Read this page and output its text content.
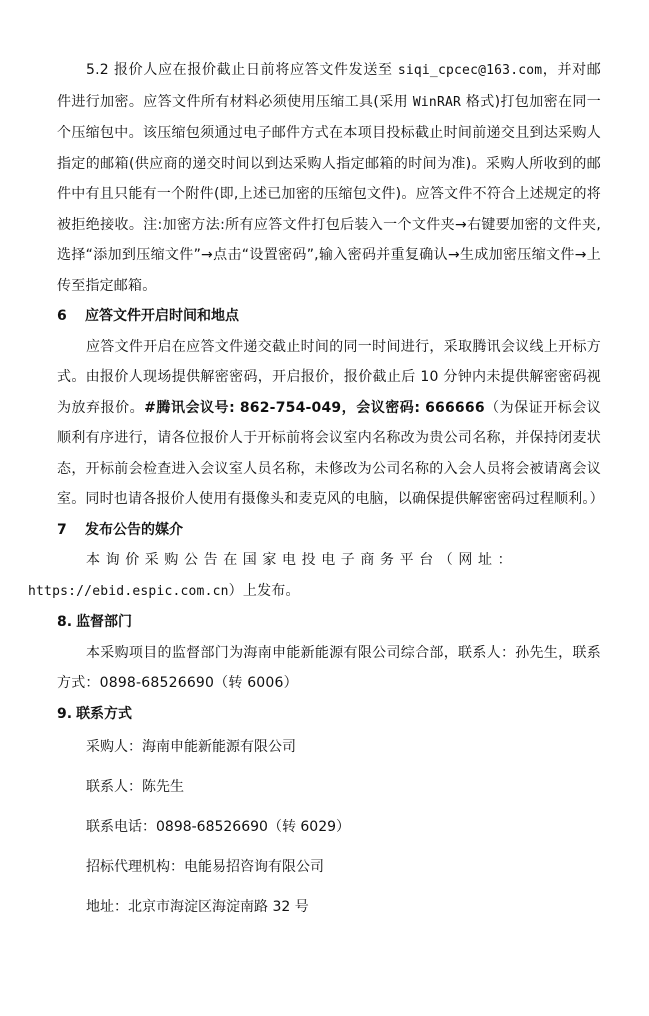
5.2 报价人应在报价截止日前将应答文件发送至 siqi_cpcec@163.com，并对邮件进行加密。应答文件所有材料必须使用压缩工具(采用 WinRAR 格式)打包加密在同一个压缩包中。该压缩包须通过电子邮件方式在本项目投标截止时间前递交且到达采购人指定的邮箱(供应商的递交时间以到达采购人指定邮箱的时间为准)。采购人所收到的邮件中有且只能有一个附件(即,上述已加密的压缩包文件)。应答文件不符合上述规定的将被拒绝接收。注:加密方法:所有应答文件打包后装入一个文件夹→右键要加密的文件夹,选择“添加到压缩文件”→点击“设置密码”,输入密码并重复确认→生成加密压缩文件→上传至指定邮箱。

6 应答文件开启时间和地点

应答文件开启在应答文件递交截止时间的同一时间进行，采取腾讯会议线上开标方式。由报价人现场提供解密密码，开启报价，报价截止后 10 分钟内未提供解密密码视为放弃报价。#腾讯会议号: 862-754-049，会议密码: 666666（为保证开标会议顺利有序进行，请各位报价人于开标前将会议室内名称改为贵公司名称，并保持闭麦状态，开标前会检查进入会议室人员名称，未修改为公司名称的入会人员将会被请离会议室。同时也请各报价人使用有摄像头和麦克风的电脑，以确保提供解密密码过程顺利。）

7 发布公告的媒介

本询价采购公告在国家电投电子商务平台（网址：
https://ebid.espic.com.cn）上发布。

8. 监督部门

本采购项目的监督部门为海南申能新能源有限公司综合部，联系人：孙先生，联系方式：0898-68526690（转 6006）

9. 联系方式

采购人：海南申能新能源有限公司

联系人：陈先生

联系电话：0898-68526690（转 6029）

招标代理机构：电能易招咨询有限公司

地址：北京市海淀区海淀南路 32 号
